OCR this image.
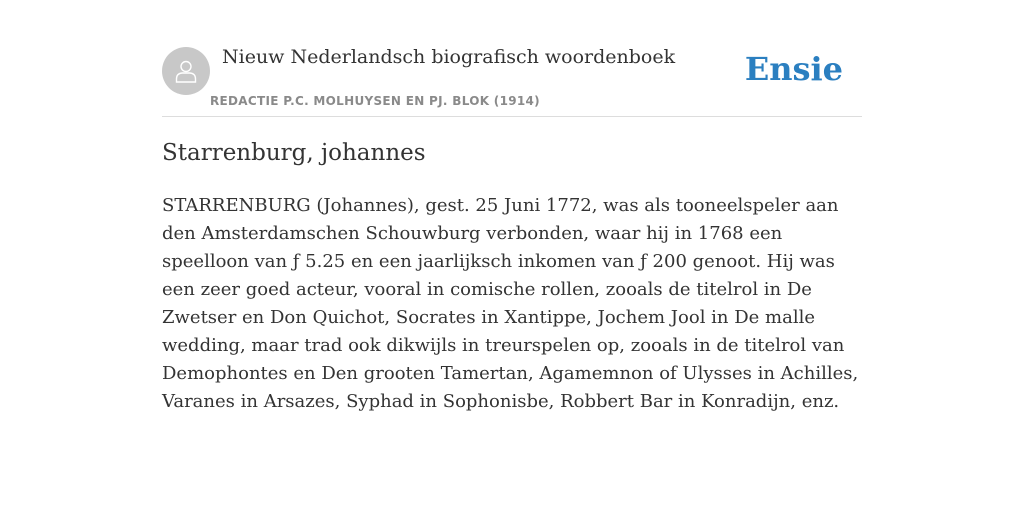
Nieuw Nederlandsch biografisch woordenboek
REDACTIE P.C. MOLHUYSEN EN PJ. BLOK (1914)
Ensie
Starrenburg, johannes

STARRENBURG (Johannes), gest. 25 Juni 1772, was als tooneelspeler aan den Amsterdamschen Schouwburg verbonden, waar hij in 1768 een speelloon van ƒ 5.25 en een jaarlijksch inkomen van ƒ 200 genoot. Hij was een zeer goed acteur, vooral in comische rollen, zooals de titelrol in De Zwetser en Don Quichot, Socrates in Xantippe, Jochem Jool in De malle wedding, maar trad ook dikwijls in treurspelen op, zooals in de titelrol van Demophontes en Den grooten Tamertan, Agamemnon of Ulysses in Achilles, Varanes in Arsazes, Syphad in Sophonisbe, Robbert Bar in Konradijn, enz.
